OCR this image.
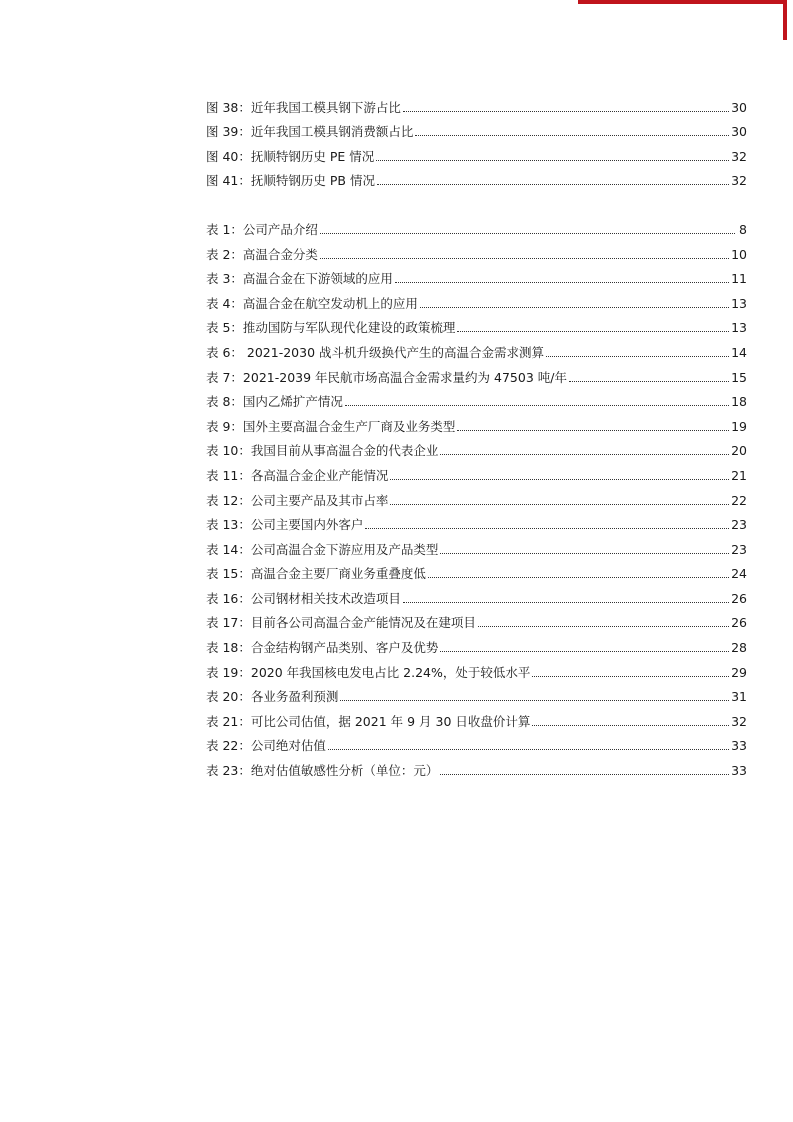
图 38：近年我国工模具钢下游占比	30
图 39：近年我国工模具钢消费额占比	30
图 40：抚顺特钢历史 PE 情况	32
图 41：抚顺特钢历史 PB 情况	32
表 1：公司产品介绍	8
表 2：高温合金分类	10
表 3：高温合金在下游领域的应用	11
表 4：高温合金在航空发动机上的应用	13
表 5：推动国防与军队现代化建设的政策梳理	13
表 6： 2021-2030 战斗机升级换代产生的高温合金需求测算	14
表 7：2021-2039 年民航市场高温合金需求量约为 47503 吨/年	15
表 8：国内乙烯扩产情况	18
表 9：国外主要高温合金生产厂商及业务类型	19
表 10：我国目前从事高温合金的代表企业	20
表 11：各高温合金企业产能情况	21
表 12：公司主要产品及其市占率	22
表 13：公司主要国内外客户	23
表 14：公司高温合金下游应用及产品类型	23
表 15：高温合金主要厂商业务重叠度低	24
表 16：公司钢材相关技术改造项目	26
表 17：目前各公司高温合金产能情况及在建项目	26
表 18：合金结构钢产品类别、客户及优势	28
表 19：2020 年我国核电发电占比 2.24%，处于较低水平	29
表 20：各业务盈利预测	31
表 21：可比公司估值，据 2021 年 9 月 30 日收盘价计算	32
表 22：公司绝对估值	33
表 23：绝对估值敏感性分析（单位：元）	33
